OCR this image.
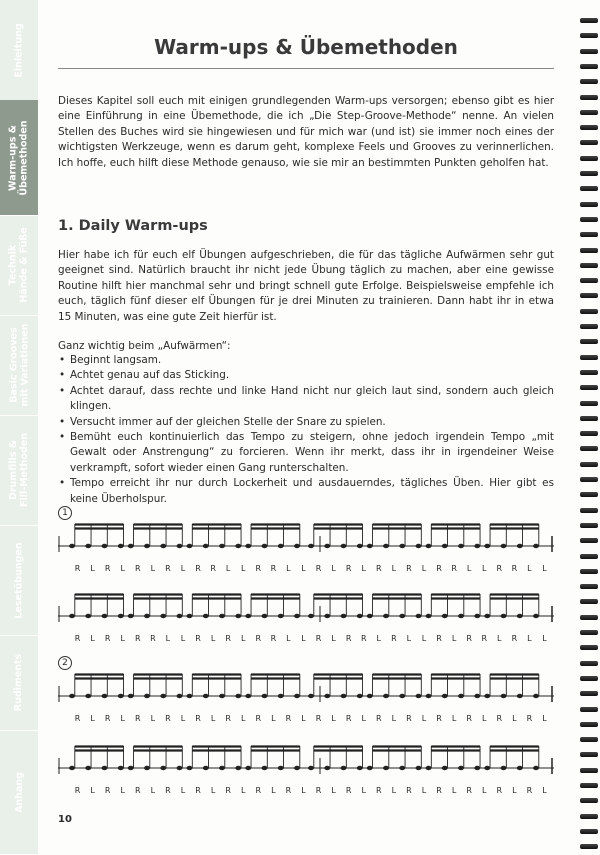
Einleitung
Warm-ups &
Übemethoden
Technik
Hände & Füße
Basic Grooves
mit Variationen
Drumfills &
Fill-Methoden
Lesetübungen
Rudiments
Anhang
Warm-ups & Übemethoden
Dieses Kapitel soll euch mit einigen grundlegenden Warm-ups versorgen; ebenso gibt es hier eine Einführung in eine Übemethode, die ich „Die Step-Groove-Methode“ nenne. An vielen Stellen des Buches wird sie hingewiesen und für mich war (und ist) sie immer noch eines der wichtigsten Werkzeuge, wenn es darum geht, komplexe Feels und Grooves zu verinnerlichen. Ich hoffe, euch hilft diese Methode genauso, wie sie mir an bestimmten Punkten geholfen hat.
1. Daily Warm-ups
Hier habe ich für euch elf Übungen aufgeschrieben, die für das tägliche Aufwärmen sehr gut geeignet sind. Natürlich braucht ihr nicht jede Übung täglich zu machen, aber eine gewisse Routine hilft hier manchmal sehr und bringt schnell gute Erfolge. Beispielsweise empfehle ich euch, täglich fünf dieser elf Übungen für je drei Minuten zu trainieren. Dann habt ihr in etwa 15 Minuten, was eine gute Zeit hierfür ist.
Ganz wichtig beim „Aufwärmen“:
• Beginnt langsam.
• Achtet genau auf das Sticking.
• Achtet darauf, dass rechte und linke Hand nicht nur gleich laut sind, sondern auch gleich klingen.
• Versucht immer auf der gleichen Stelle der Snare zu spielen.
• Bemüht euch kontinuierlich das Tempo zu steigern, ohne jedoch irgendein Tempo „mit Gewalt oder Anstrengung“ zu forcieren. Wenn ihr merkt, dass ihr in irgendeiner Weise verkrampft, sofort wieder einen Gang runterschalten.
• Tempo erreicht ihr nur durch Lockerheit und ausdauerndes, tägliches Üben. Hier gibt es keine Überholspur.
1
R	L	R	L	R	L	R	L	R	R	L	L	R	R	L	L	R	L	R	L	R	L	R	L	R	R	L	L	R	R	L	L
R	L	R	L	R	R	L	L	R	L	R	L	R	R	L	L	R	L	R	R	L	R	L	L	R	L	R	R	L	R	L	L
2
R	L	R	L	R	L	R	L	R	L	R	L	R	L	R	L	R	L	R	L	R	L	R	L	R	L	R	L	R	L	R	L
R	L	R	L	R	L	R	L	R	L	R	L	R	L	R	L	R	L	R	L	R	L	R	L	R	L	R	L	R	L	R	L
10
